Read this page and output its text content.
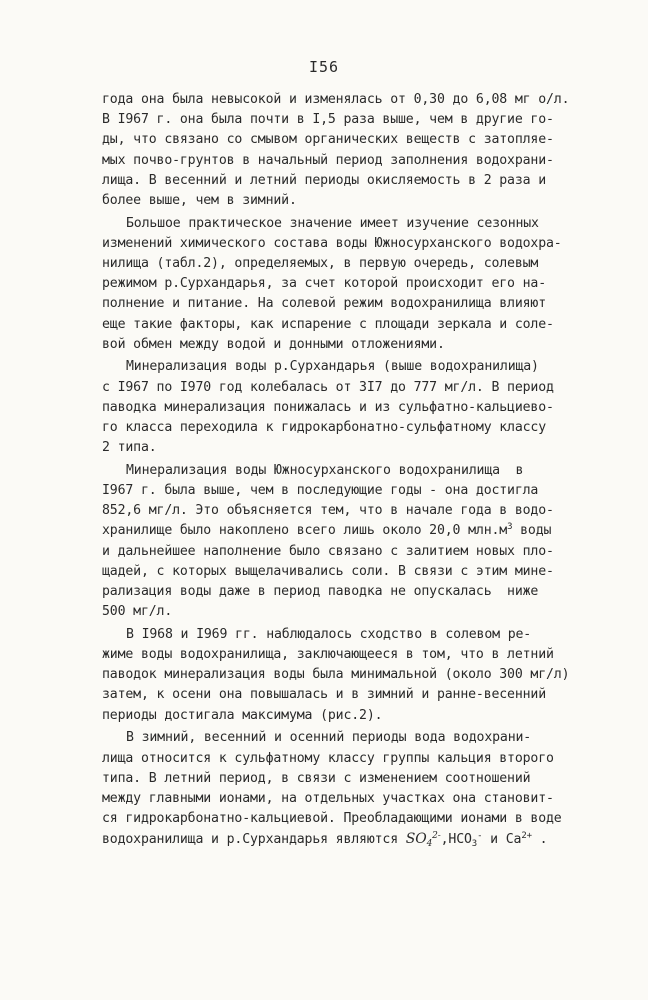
I56
года она была невысокой и изменялась от 0,30 до 6,08 мг о/л.
В I967 г. она была почти в I,5 раза выше, чем в другие го-
ды, что связано со смывом органических веществ с затопляе-
мых почво-грунтов в начальный период заполнения водохрани-
лища. В весенний и летний периоды окисляемость в 2 раза и
более выше, чем в зимний.
Большое практическое значение имеет изучение сезонных
изменений химического состава воды Южносурханского водохра-
нилища (табл.2), определяемых, в первую очередь, солевым
режимом р.Сурхандарья, за счет которой происходит его на-
полнение и питание. На солевой режим водохранилища влияют
еще такие факторы, как испарение с площади зеркала и соле-
вой обмен между водой и донными отложениями.
Минерализация воды р.Сурхандарья (выше водохранилища)
с I967 по I970 год колебалась от 3I7 до 777 мг/л. В период
паводка минерализация понижалась и из сульфатно-кальциево-
го класса переходила к гидрокарбонатно-сульфатному классу
2 типа.
Минерализация воды Южносурханского водохранилища  в
I967 г. была выше, чем в последующие годы - она достигла
852,6 мг/л. Это объясняется тем, что в начале года в водо-
хранилище было накоплено всего лишь около 20,0 $млн.м^3$ воды
и дальнейшее наполнение было связано с залитием новых пло-
щадей, с которых выщелачивались соли. В связи с этим мине-
рализация воды даже в период паводка не опускалась  ниже
500 мг/л.
В I968 и I969 гг. наблюдалось сходство в солевом ре-
жиме воды водохранилища, заключающееся в том, что в летний
паводок минерализация воды была минимальной (около 300 мг/л)
затем, к осени она повышалась и в зимний и ранне-весенний
периоды достигала максимума (рис.2).
В зимний, весенний и осенний периоды вода водохрани-
лища относится к сульфатному классу группы кальция второго
типа. В летний период, в связи с изменением соотношений
между главными ионами, на отдельных участках она становит-
ся гидрокарбонатно-кальциевой. Преобладающими ионами в воде
водохранилища и р.Сурхандарья являются $SO_4^{2-},HCO_3^-$ и $Ca^{2+}$ .
